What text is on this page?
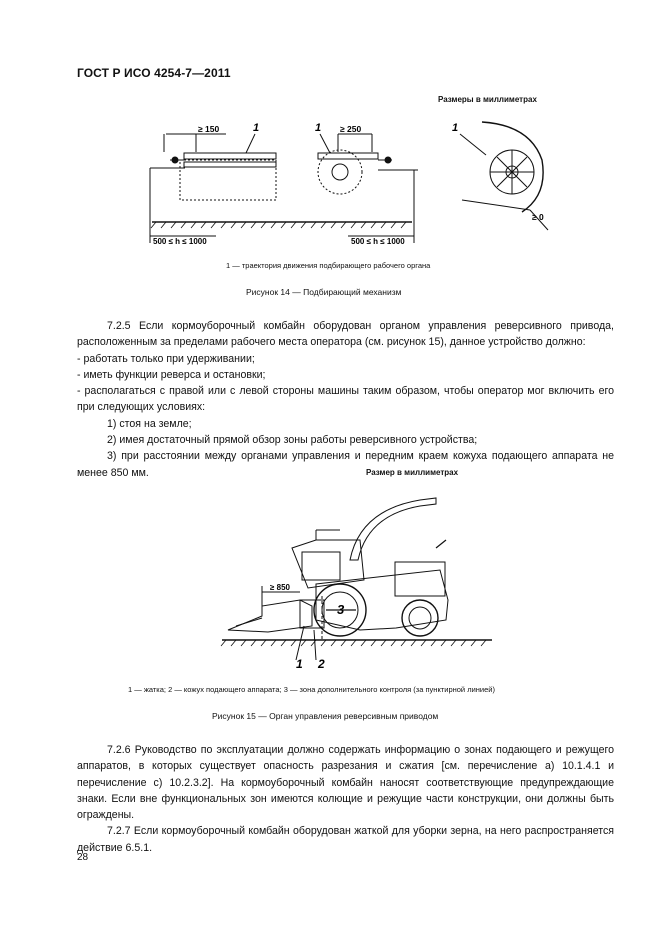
ГОСТ Р ИСО 4254-7—2011
Размеры в миллиметрах
1	1	1
≥ 150	≥ 250
≥ 0
500 ≤ h ≤ 1000	500 ≤ h ≤ 1000
1 — траектория движения подбирающего рабочего органа
Рисунок 14 — Подбирающий механизм

7.2.5 Если кормоуборочный комбайн оборудован органом управления реверсивного привода, расположенным за пределами рабочего места оператора (см. рисунок 15), данное устройство должно:

- работать только при удерживании;

- иметь функции реверса и остановки;

- располагаться с правой или с левой стороны машины таким образом, чтобы оператор мог включить его при следующих условиях:

1) стоя на земле;

2) имея достаточный прямой обзор зоны работы реверсивного устройства;

3) при расстоянии между органами управления и передним краем кожуха подающего аппарата не менее 850 мм.	Размер в миллиметрах
≥ 850
3
1 2
1 — жатка; 2 — кожух подающего аппарата; 3 — зона дополнительного контроля (за пунктирной линией)
Рисунок 15 — Орган управления реверсивным приводом

7.2.6 Руководство по эксплуатации должно содержать информацию о зонах подающего и режущего аппаратов, в которых существует опасность разрезания и сжатия [см. перечисление а) 10.1.4.1 и перечисление с) 10.2.3.2]. На кормоуборочный комбайн наносят соответствующие предупреждающие знаки. Если вне функциональных зон имеются колющие и режущие части конструкции, они должны быть ограждены.

7.2.7 Если кормоуборочный комбайн оборудован жаткой для уборки зерна, на него распространяется действие 6.5.1.

28
